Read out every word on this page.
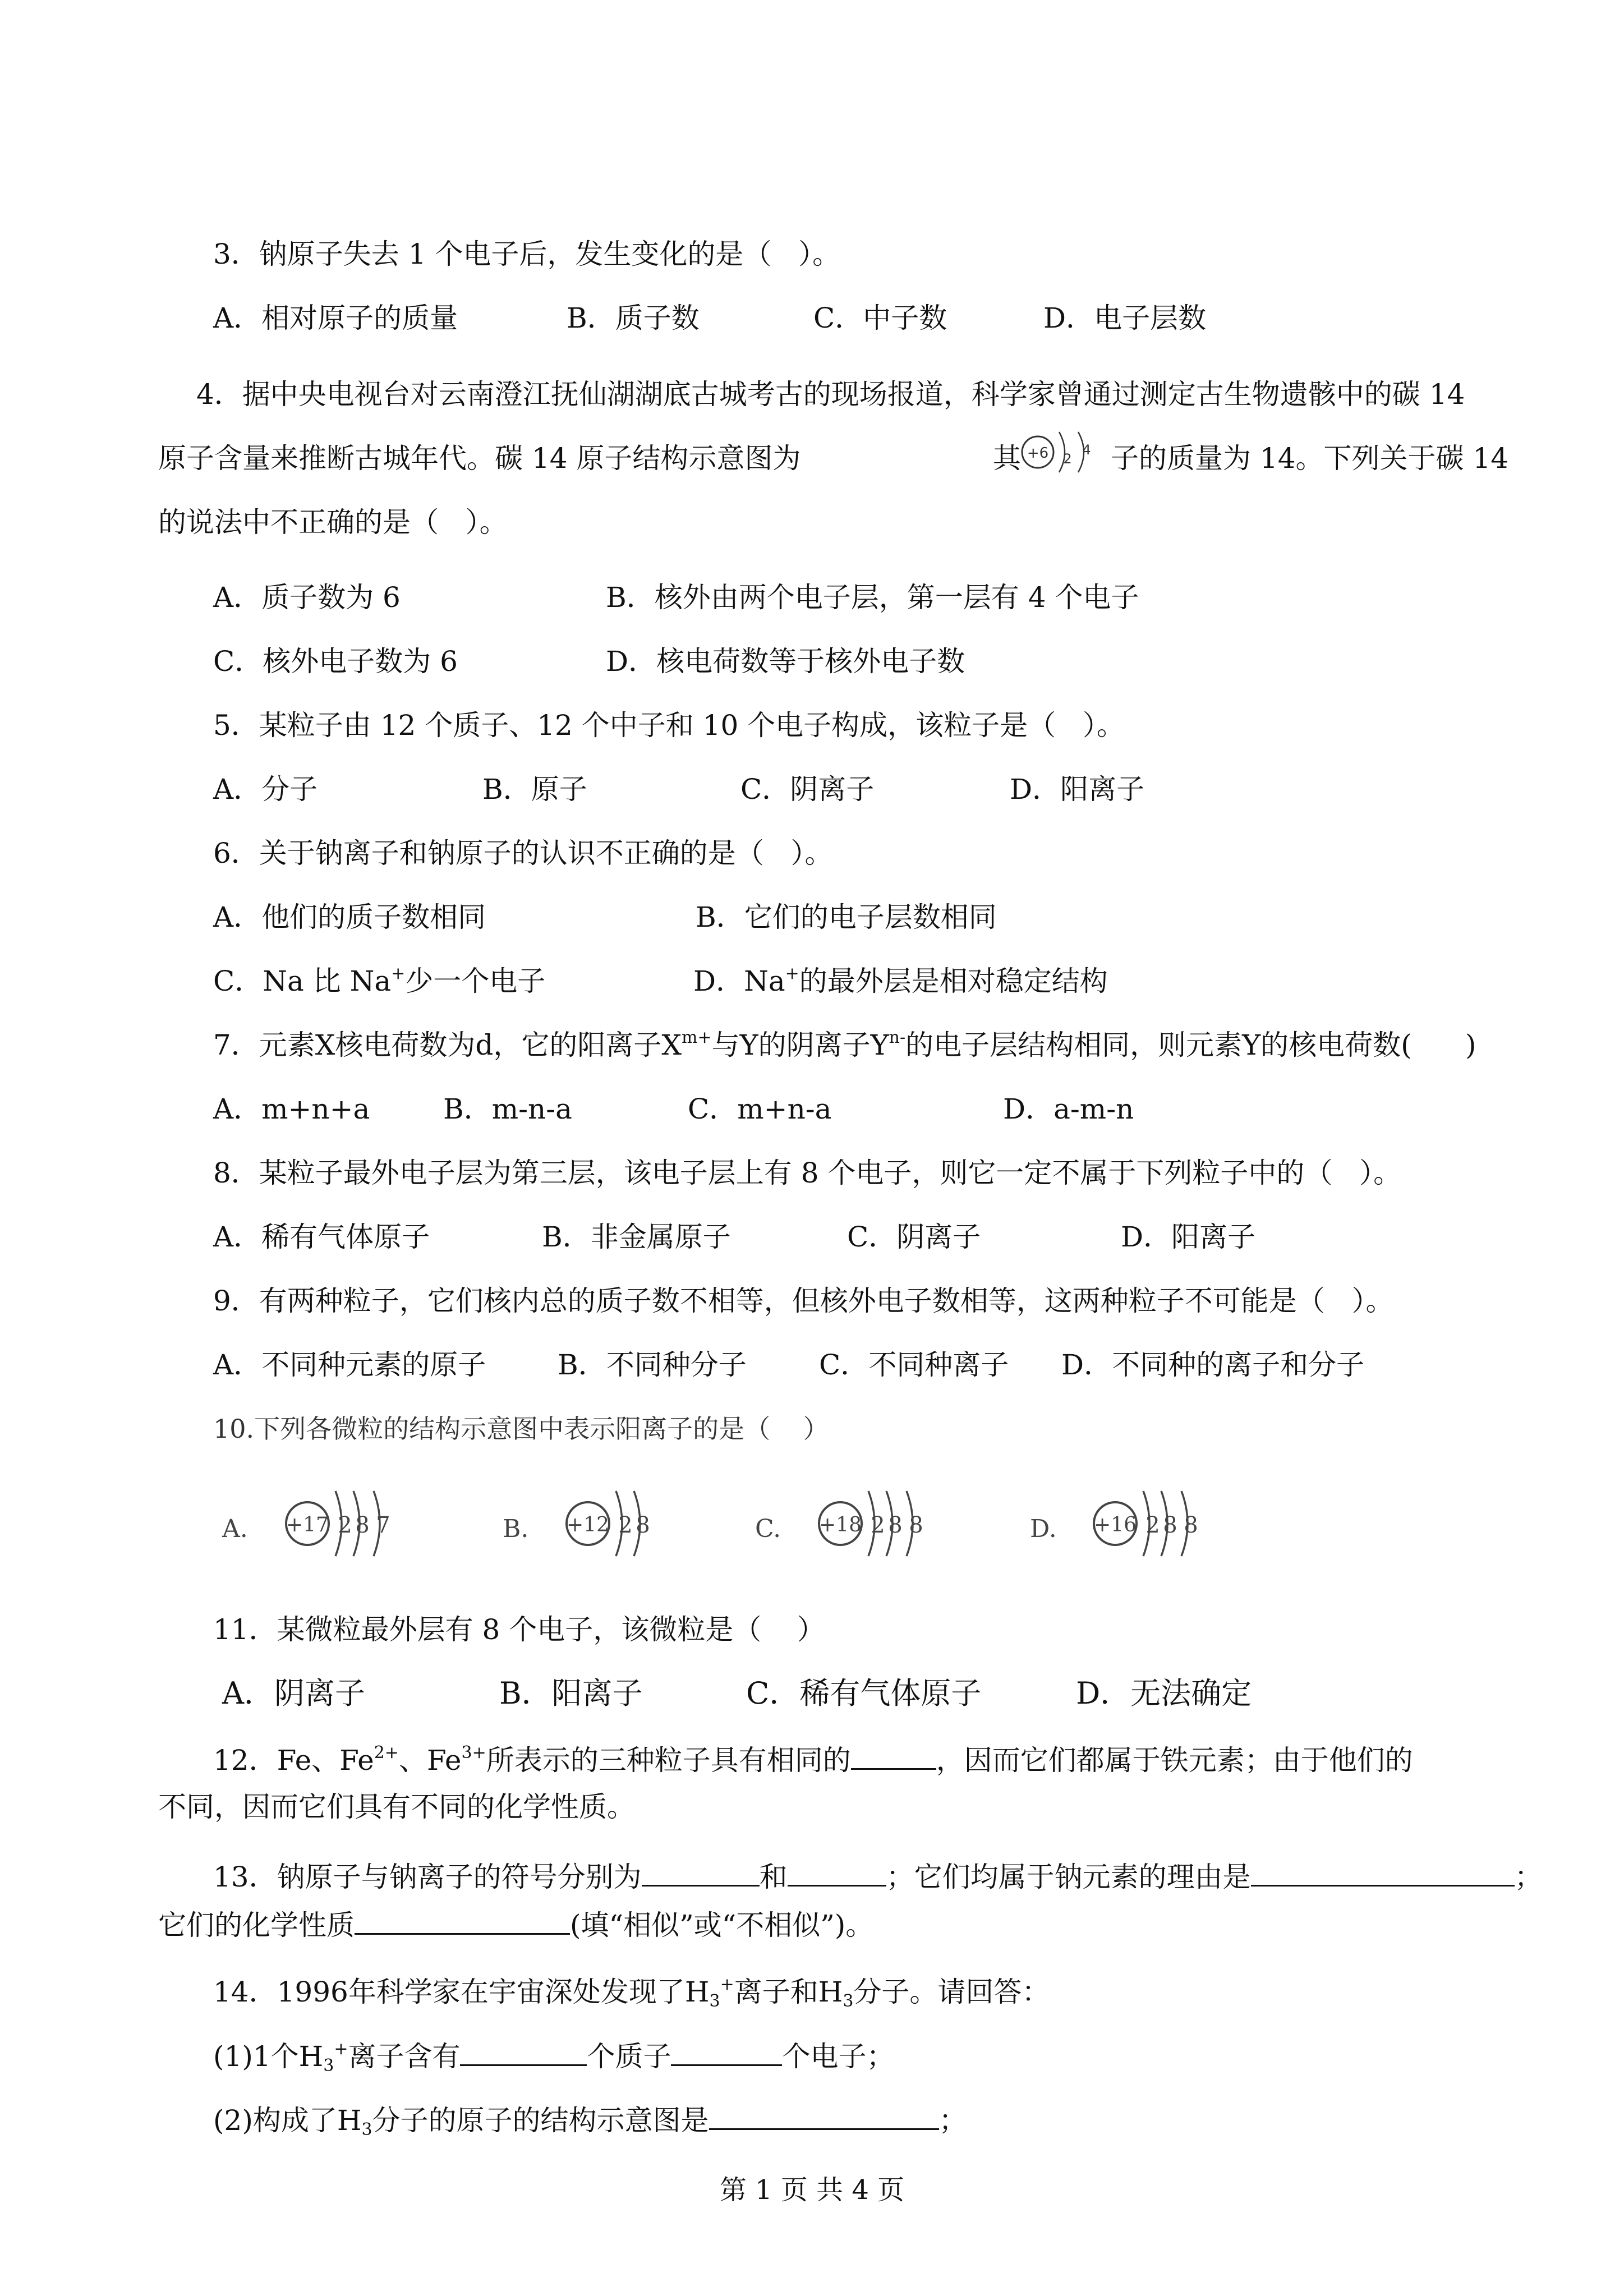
3．钠原子失去 1 个电子后，发生变化的是（   ）。
A．相对原子的质量	B．质子数	C．中子数	D．电子层数
4．据中央电视台对云南澄江抚仙湖湖底古城考古的现场报道，科学家曾通过测定古生物遗骸中的碳 14
原子含量来推断古城年代。碳 14 原子结构示意图为	其 +6 2
4 子的质量为 14。下列关于碳 14
的说法中不正确的是（   ）。
A．质子数为 6	B．核外由两个电子层，第一层有 4 个电子
C．核外电子数为 6	D．核电荷数等于核外电子数
5．某粒子由 12 个质子、12 个中子和 10 个电子构成，该粒子是（   ）。
A．分子	B．原子	C．阴离子	D．阳离子
6．关于钠离子和钠原子的认识不正确的是（   ）。
A．他们的质子数相同	B．它们的电子层数相同
C．Na 比 Na+少一个电子	D．Na+的最外层是相对稳定结构
7．元素X核电荷数为d，它的阳离子$X^{m+}$与Y的阴离子$Y^{n-}$的电子层结构相同，则元素Y的核电荷数(      )
A．m+n+a	B．m-n-a	C．m+n-a	D．a-m-n
8．某粒子最外电子层为第三层，该电子层上有 8 个电子，则它一定不属于下列粒子中的（   ）。
A．稀有气体原子	B．非金属原子	C．阴离子	D．阳离子
9．有两种粒子，它们核内总的质子数不相等，但核外电子数相等，这两种粒子不可能是（   ）。
A．不同种元素的原子	B．不同种分子	C．不同种离子 D．不同种的离子和分子
10.下列各微粒的结构示意图中表示阳离子的是（    ）
A. +17 2 8 7	B. +12 2 8	C. +18 2 8 8	D. +16 2 8 8
11．某微粒最外层有 8 个电子，该微粒是（    ）
A．阴离子	B．阳离子	C．稀有气体原子	D．无法确定
12．Fe、$Fe^{2+}$、$Fe^{3+}$所表示的三种粒子具有相同的	，因而它们都属于铁元素；由于他们的
不同，因而它们具有不同的化学性质。
13．钠原子与钠离子的符号分别为	和	；它们均属于钠元素的理由是	；
它们的化学性质	(填“相似”或“不相似”)。
14．1996年科学家在宇宙深处发现了$H_3^+$离子和$H_3$分子。请回答：
(1)1个$H_3^+$离子含有	个质子	个电子；
(2)构成了$H_3$分子的原子的结构示意图是	；
第 1 页 共 4 页
